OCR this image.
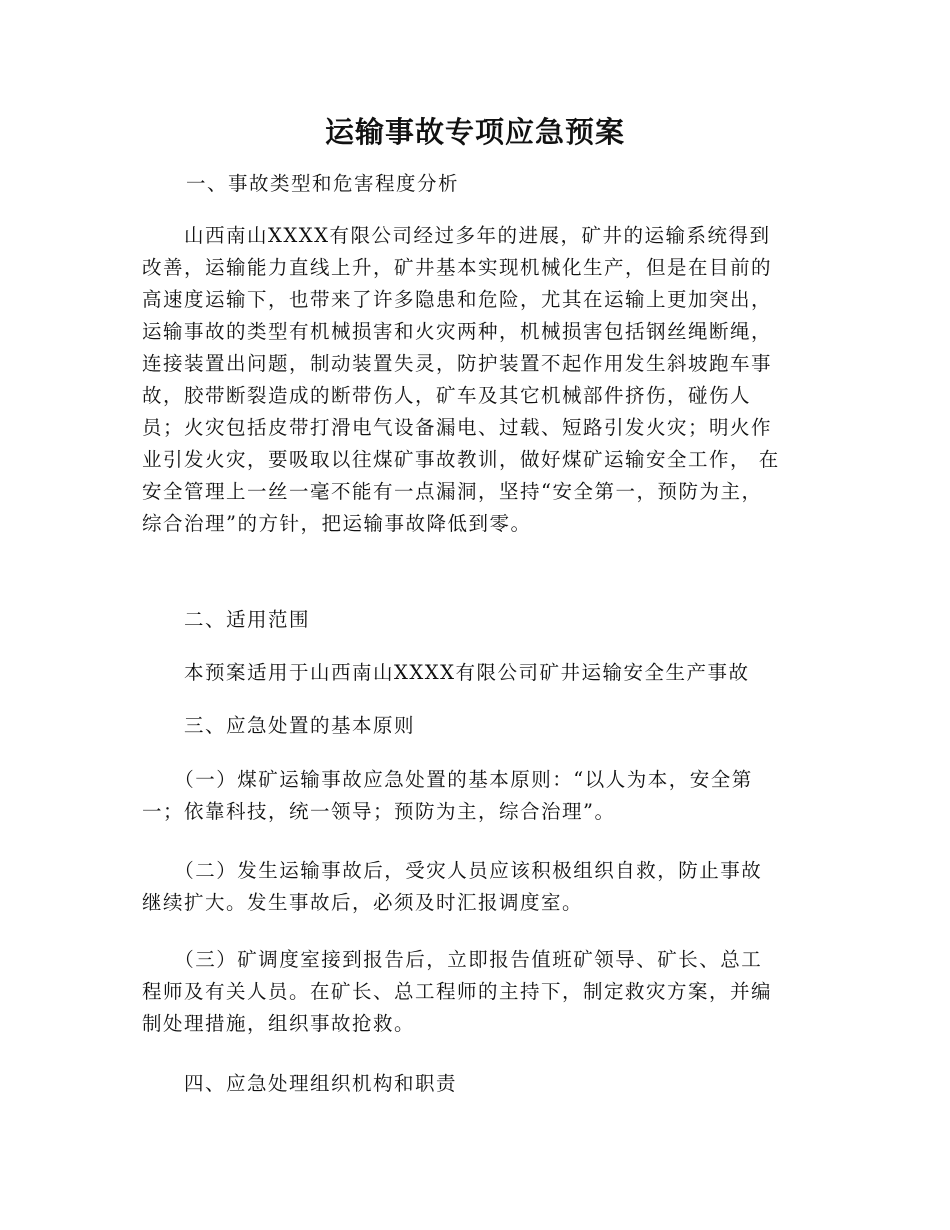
运输事故专项应急预案
一、事故类型和危害程度分析
　　山西南山XXXX有限公司经过多年的进展，矿井的运输系统得到
改善，运输能力直线上升，矿井基本实现机械化生产，但是在目前的
高速度运输下，也带来了许多隐患和危险，尤其在运输上更加突出，
运输事故的类型有机械损害和火灾两种，机械损害包括钢丝绳断绳，
连接装置出问题，制动装置失灵，防护装置不起作用发生斜坡跑车事
故，胶带断裂造成的断带伤人，矿车及其它机械部件挤伤，碰伤人
员；火灾包括皮带打滑电气设备漏电、过载、短路引发火灾；明火作
业引发火灾，要吸取以往煤矿事故教训，做好煤矿运输安全工作， 在
安全管理上一丝一毫不能有一点漏洞，坚持“安全第一，预防为主，
综合治理”的方针，把运输事故降低到零。
　　二、适用范围
　　本预案适用于山西南山XXXX有限公司矿井运输安全生产事故
　　三、应急处置的基本原则
　　（一）煤矿运输事故应急处置的基本原则：“以人为本，安全第
一；依靠科技，统一领导；预防为主，综合治理”。
　　（二）发生运输事故后，受灾人员应该积极组织自救，防止事故
继续扩大。发生事故后，必须及时汇报调度室。
　　（三）矿调度室接到报告后，立即报告值班矿领导、矿长、总工
程师及有关人员。在矿长、总工程师的主持下，制定救灾方案，并编
制处理措施，组织事故抢救。
　　四、应急处理组织机构和职责
